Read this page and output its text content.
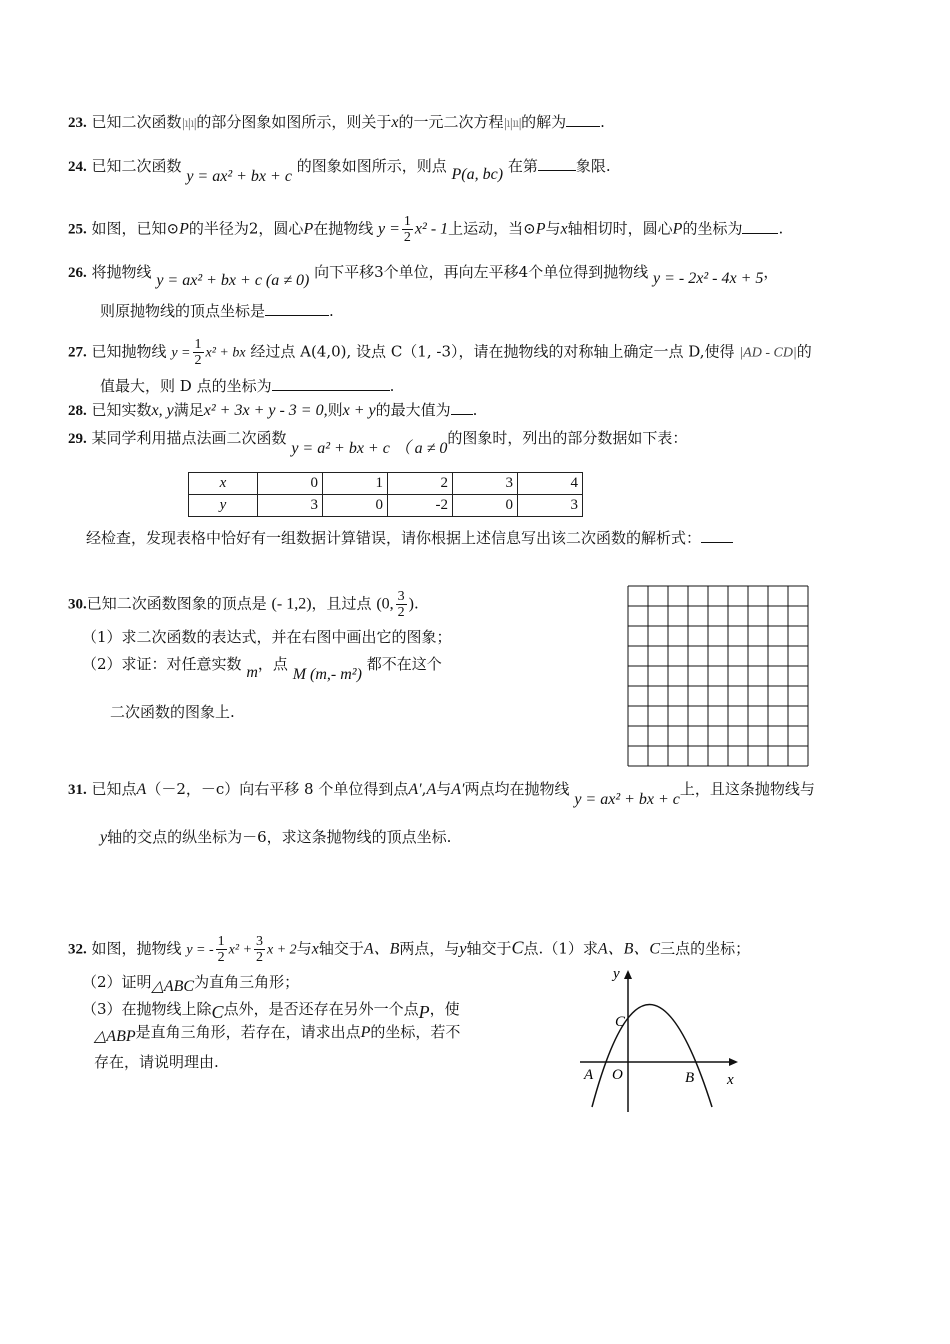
23. 已知二次函数|ı|ı|的部分图象如图所示，则关于x的一元二次方程|ı|ıı|的解为 .
24. 已知二次函数 y = ax² + bx + c 的图象如图所示，则点 P(a, bc) 在第	象限.
25. 如图，已知⊙P的半径为2，圆心P在抛物线 $y = \frac{1}{2} x^2 - 1$上运动，当⊙P与x轴相切时，圆心P的坐标为 .
26. 将抛物线 y = ax² + bx + c (a ≠ 0) 向下平移3个单位，再向左平移4个单位得到抛物线 y = - 2x² - 4x + 5，
则原抛物线的顶点坐标是	.
27. 已知抛物线 $y = \frac{1}{2} x^2$ + bx 经过点 A(4,0), 设点 C（1, -3），请在抛物线的对称轴上确定一点 D,使得 |AD - CD|的
值最大，则 D 点的坐标为	.
28. 已知实数x, y满足x² + 3x + y - 3 = 0,则x + y的最大值为 .
29. 某同学利用描点法画二次函数 y = a² + bx + c （ a ≠ 0的图象时，列出的部分数据如下表：
x	0	1	2	3	4
y	3	0	-2	0	3
经检查，发现表格中恰好有一组数据计算错误，请你根据上述信息写出该二次函数的解析式：
30.已知二次函数图象的顶点是 (- 1,2)，且过点 (0, $\frac{3}{2}$ ).
（1）求二次函数的表达式，并在右图中画出它的图象；
（2）求证：对任意实数 m，点 M (m,- m²) 都不在这个
二次函数的图象上.
31. 已知点A（－2，－c）向右平移 8 个单位得到点A′,A与A′两点均在抛物线 y = ax² + bx + c上，且这条抛物线与
y轴的交点的纵坐标为－6，求这条抛物线的顶点坐标.
32. 如图，抛物线 y = - $\frac{1}{2} x^2 + \frac{3}{2}$ x + 2与x轴交于A、B两点，与y轴交于C点.（1）求A、B、C三点的坐标；
（2）证明△ABC为直角三角形；
（3）在抛物线上除C点外，是否还存在另外一个点P，使
△ABP是直角三角形，若存在，请求出点P的坐标，若不
存在，请说明理由.
y
x
C
A O	B
